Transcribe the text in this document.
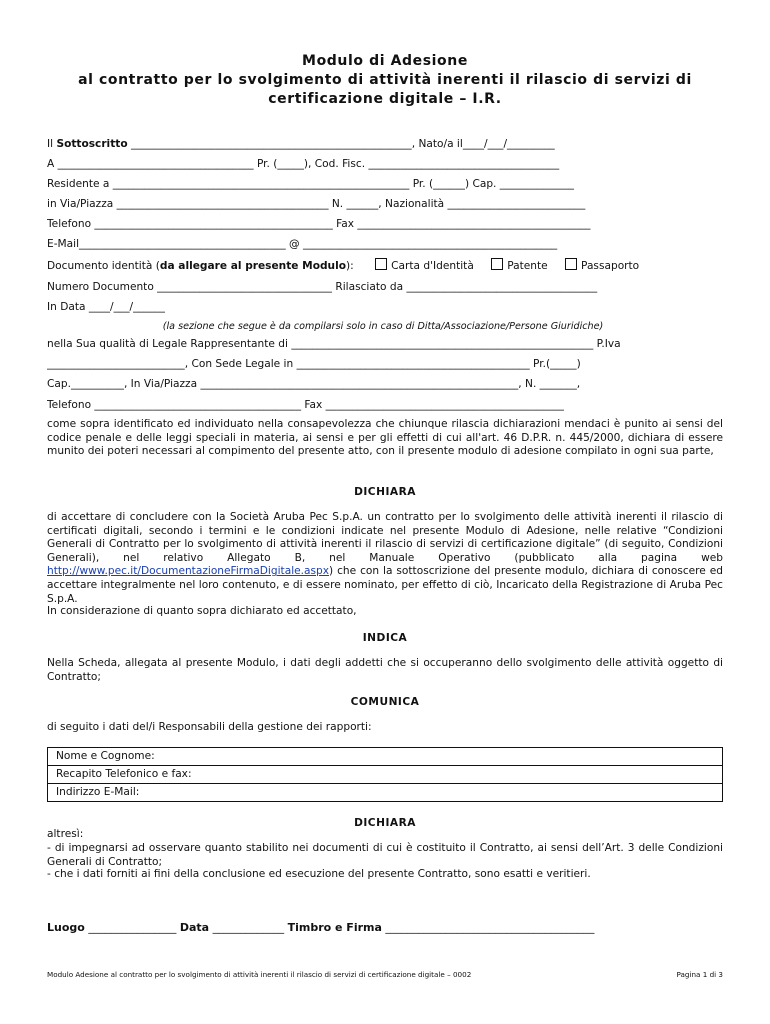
Modulo di Adesione
al contratto per lo svolgimento di attività inerenti il rilascio di servizi di
certificazione digitale – I.R.
Il Sottoscritto _____________________________________________________, Nato/a il____/___/_________
A _____________________________________ Pr. (_____), Cod. Fisc. ____________________________________
Residente a ________________________________________________________ Pr. (______) Cap. ______________
in Via/Piazza ________________________________________ N. ______, Nazionalità __________________________
Telefono _____________________________________________ Fax ____________________________________________
E-Mail_______________________________________ @ ________________________________________________
Documento identità (da allegare al presente Modulo):	Carta d'Identità	Patente	Passaporto
Numero Documento _________________________________ Rilasciato da ____________________________________
In Data ____/___/______
(la sezione che segue è da compilarsi solo in caso di Ditta/Associazione/Persone Giuridiche)
nella Sua qualità di Legale Rappresentante di _________________________________________________________ P.Iva
__________________________, Con Sede Legale in ____________________________________________ Pr.(_____)
Cap.__________, In Via/Piazza ____________________________________________________________, N. _______,
Telefono _______________________________________ Fax _____________________________________________
come sopra identificato ed individuato nella consapevolezza che chiunque rilascia dichiarazioni mendaci è punito ai sensi del codice penale e delle leggi speciali in materia, ai sensi e per gli effetti di cui all'art. 46 D.P.R. n. 445/2000, dichiara di essere munito dei poteri necessari al compimento del presente atto, con il presente modulo di adesione compilato in ogni sua parte,
DICHIARA
di accettare di concludere con la Società Aruba Pec S.p.A. un contratto per lo svolgimento delle attività inerenti il rilascio di certificati digitali, secondo i termini e le condizioni indicate nel presente Modulo di Adesione, nelle relative “Condizioni Generali di Contratto per lo svolgimento di attività inerenti il rilascio di servizi di certificazione digitale” (di seguito, Condizioni Generali), nel relativo Allegato B, nel Manuale Operativo (pubblicato alla pagina web http://www.pec.it/DocumentazioneFirmaDigitale.aspx) che con la sottoscrizione del presente modulo, dichiara di conoscere ed accettare integralmente nel loro contenuto, e di essere nominato, per effetto di ciò, Incaricato della Registrazione di Aruba Pec S.p.A.
In considerazione di quanto sopra dichiarato ed accettato,
INDICA
Nella Scheda, allegata al presente Modulo, i dati degli addetti che si occuperanno dello svolgimento delle attività oggetto di Contratto;
COMUNICA
di seguito i dati del/i Responsabili della gestione dei rapporti:
Nome e Cognome:
Recapito Telefonico e fax:
Indirizzo E-Mail:
DICHIARA
altresì:
- di impegnarsi ad osservare quanto stabilito nei documenti di cui è costituito il Contratto, ai sensi dell’Art. 3 delle Condizioni Generali di Contratto;
- che i dati forniti ai fini della conclusione ed esecuzione del presente Contratto, sono esatti e veritieri.
Luogo ________________ Data _____________ Timbro e Firma ______________________________________
Modulo Adesione al contratto per lo svolgimento di attività inerenti il rilascio di servizi di certificazione digitale – 0002	Pagina 1 di 3
